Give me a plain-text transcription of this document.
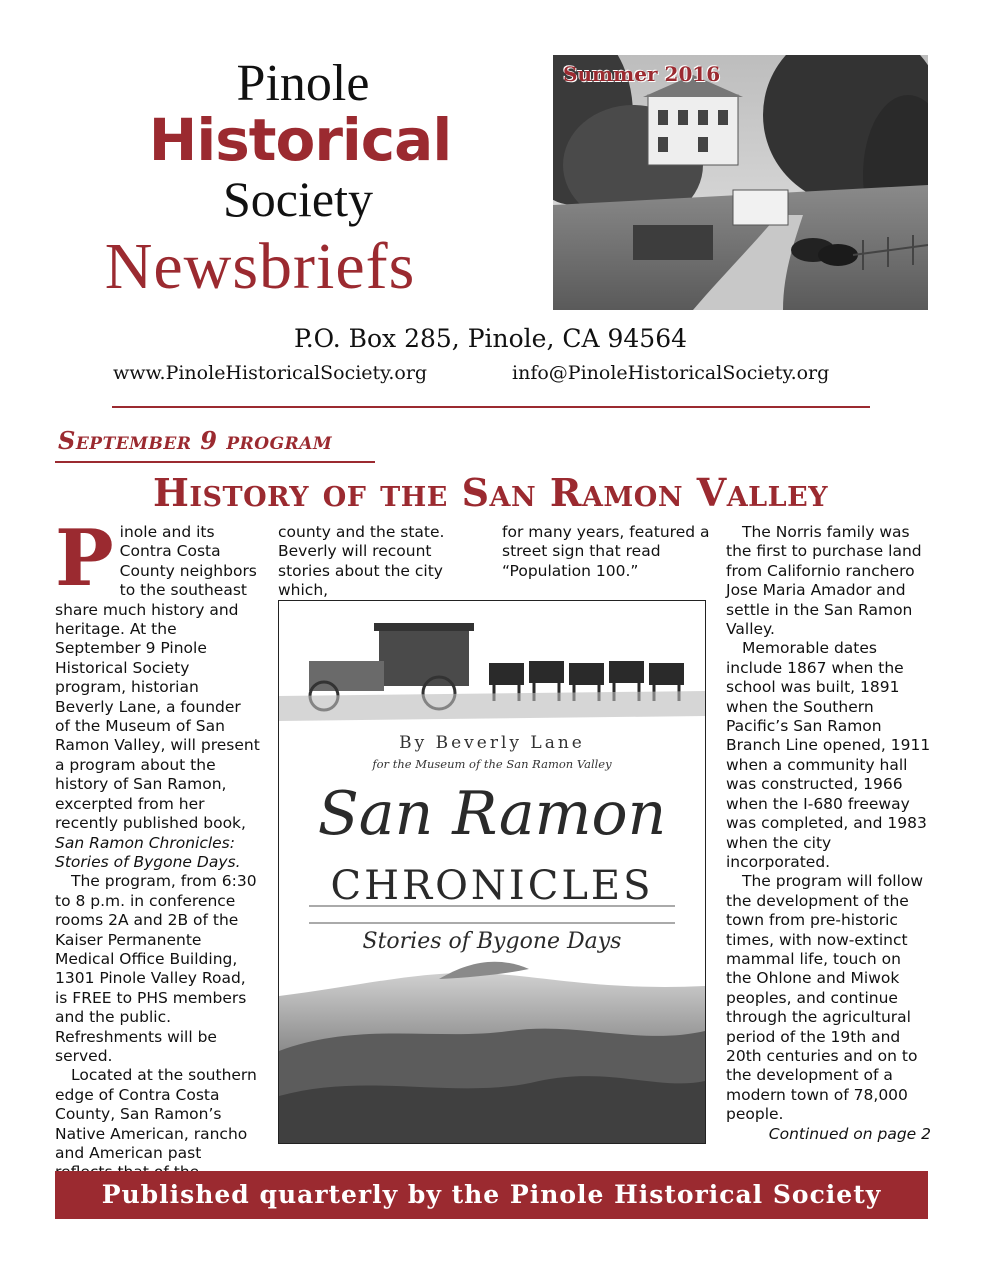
Pinole
Historical
Society
Newsbriefs
Summer 2016
P.O. Box 285, Pinole, CA 94564
www.PinoleHistoricalSociety.org	info@PinoleHistoricalSociety.org
September 9 program
History of the San Ramon Valley

Pinole and its Contra Costa County neighbors to the southeast share much history and heritage. At the September 9 Pinole Historical Society program, historian Beverly Lane, a founder of the Museum of San Ramon Valley, will present a program about the history of San Ramon, excerpted from her recently published book, San Ramon Chronicles: Stories of Bygone Days.

The program, from 6:30 to 8 p.m. in conference rooms 2A and 2B of the Kaiser Permanente Medical Office Building, 1301 Pinole Valley Road, is FREE to PHS members and the public. Refreshments will be served.

Located at the southern edge of Contra Costa County, San Ramon’s Native American, rancho and American past

county and the state. Beverly will recount stories about the city which,

for many years, featured a street sign that read “Population 100.”

By Beverly Lane
for the Museum of the San Ramon Valley
San Ramon
CHRONICLES
Stories of Bygone Days

The Norris family was the first to purchase land from Californio ranchero Jose Maria Amador and settle in the San Ramon Valley.

Memorable dates include 1867 when the school was built, 1891 when the Southern Pacific’s San Ramon Branch Line opened, 1911 when a community hall was constructed, 1966 when the I-680 freeway was completed, and 1983 when the city incorporated.

The program will follow the development of the town from pre-historic times, with now-extinct mammal life, touch on the Ohlone and Miwok peoples, and continue through the agricultural period of the 19th and 20th centuries and on to the development of a modern town of 78,000 people.

Continued on page 2

Published quarterly by the Pinole Historical Society
